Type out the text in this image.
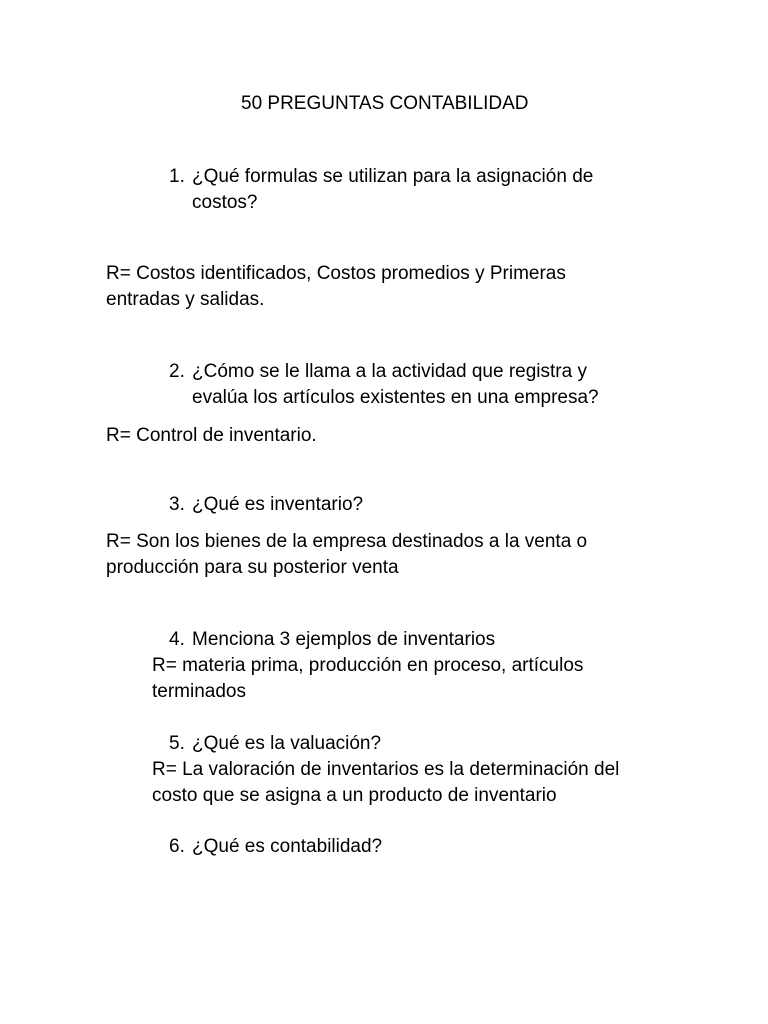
50 PREGUNTAS CONTABILIDAD
1. ¿Qué formulas se utilizan para la asignación de
costos?
R= Costos identificados, Costos promedios y Primeras
entradas y salidas.
2. ¿Cómo se le llama a la actividad que registra y
evalúa los artículos existentes en una empresa?
R= Control de inventario.
3. ¿Qué es inventario?
R= Son los bienes de la empresa destinados a la venta o
producción para su posterior venta
4. Menciona 3 ejemplos de inventarios
R= materia prima, producción en proceso, artículos
terminados
5. ¿Qué es la valuación?
R= La valoración de inventarios es la determinación del
costo que se asigna a un producto de inventario
6. ¿Qué es contabilidad?
